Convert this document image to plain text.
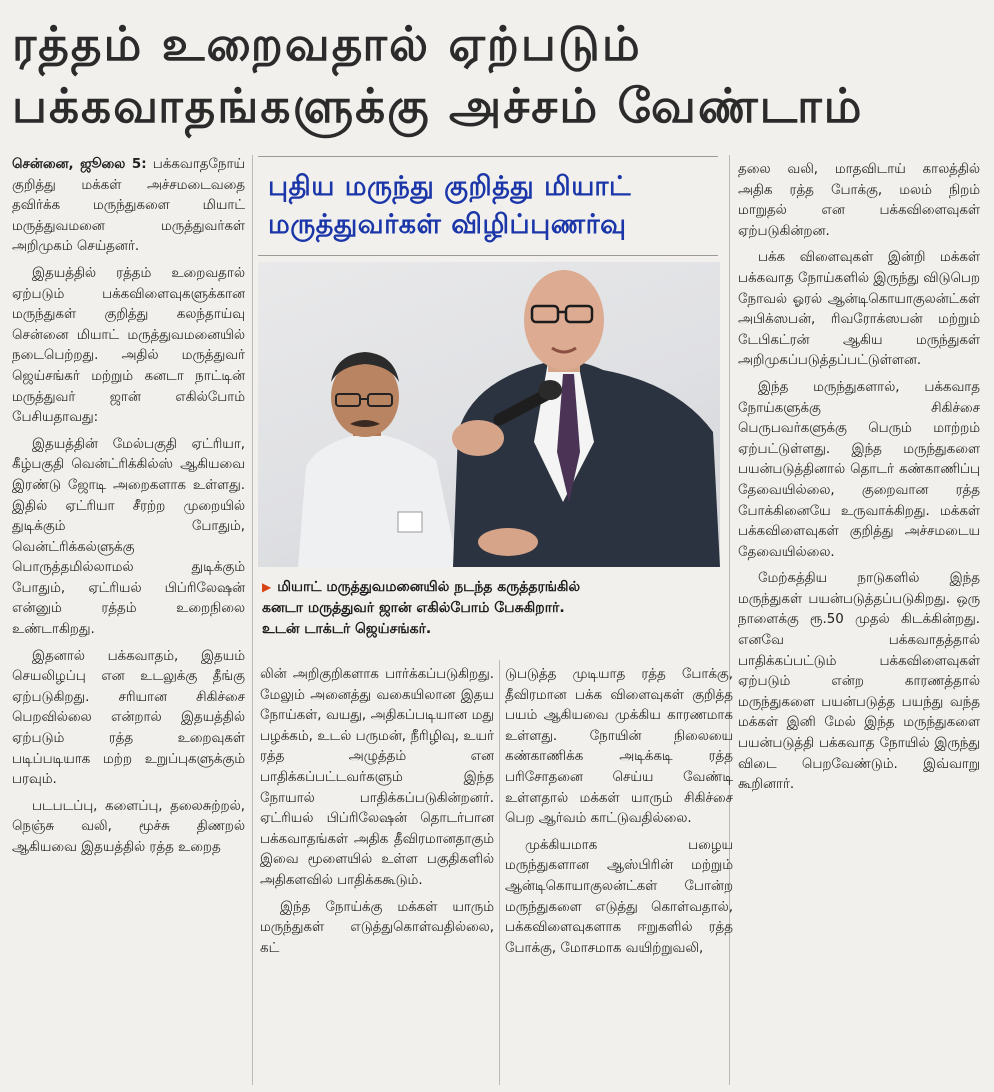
ரத்தம் உறைவதால் ஏற்படும்
பக்கவாதங்களுக்கு அச்சம் வேண்டாம்

சென்னை, ஜூலை 5: பக்கவாதநோய் குறித்து மக்கள் அச்சமடைவதை தவிர்க்க மருந்துகளை மியாட் மருத்துவமனை மருத்துவர்கள் அறிமுகம் செய்தனர்.

இதயத்தில் ரத்தம் உறைவதால் ஏற்படும் பக்கவிளைவுகளுக்கான மருந்துகள் குறித்து கலந்தாய்வு சென்னை மியாட் மருத்துவமனையில் நடைபெற்றது. அதில் மருத்துவர் ஜெய்சங்கர் மற்றும் கனடா நாட்டின் மருத்துவர் ஜான் எகில்போம் பேசியதாவது:

இதயத்தின் மேல்பகுதி ஏட்ரியா, கீழ்பகுதி வென்ட்ரிக்கில்ஸ் ஆகியவை இரண்டு ஜோடி அறைகளாக உள்ளது. இதில் ஏட்ரியா சீரற்ற முறையில் துடிக்கும் போதும், வென்ட்ரிக்கல்ளுக்கு பொருத்தமில்லாமல் துடிக்கும் போதும், ஏட்ரியல் பிப்ரிலேஷன் என்னும் ரத்தம் உறைநிலை உண்டாகிறது.

இதனால் பக்கவாதம், இதயம் செயலிழப்பு என உடலுக்கு தீங்கு ஏற்படுகிறது. சரியான சிகிச்சை பெறவில்லை என்றால் இதயத்தில் ஏற்படும் ரத்த உறைவுகள் படிப்படியாக மற்ற உறுப்புகளுக்கும் பரவும்.

படபடப்பு, களைப்பு, தலைசுற்றல், நெஞ்சு வலி, மூச்சு திணறல் ஆகியவை இதயத்தில் ரத்த உறைத

புதிய மருந்து குறித்து மியாட்
மருத்துவர்கள் விழிப்புணர்வு
▶ மியாட் மருத்துவமனையில் நடந்த கருத்தரங்கில்
கனடா மருத்துவர் ஜான் எகில்போம் பேசுகிறார்.
உடன் டாக்டர் ஜெய்சங்கர்.

லின் அறிகுறிகளாக பார்க்கப்படுகிறது. மேலும் அனைத்து வகையிலான இதய நோய்கள், வயது, அதிகப்படியான மது பழக்கம், உடல் பருமன், நீரிழிவு, உயர் ரத்த அழுத்தம் என பாதிக்கப்பட்டவர்களும் இந்த நோயால் பாதிக்கப்படுகின்றனர். ஏட்ரியல் பிப்ரிலேஷன் தொடர்பான பக்கவாதங்கள் அதிக தீவிரமானதாகும் இவை மூளையில் உள்ள பகுதிகளில் அதிகளவில் பாதிக்ககூடும்.

இந்த நோய்க்கு மக்கள் யாரும் மருந்துகள் எடுத்துகொள்வதில்லை, கட்

டுபடுத்த முடியாத ரத்த போக்கு, தீவிரமான பக்க விளைவுகள் குறித்த பயம் ஆகியவை முக்கிய காரணமாக உள்ளது. நோயின் நிலையை கண்காணிக்க அடிக்கடி ரத்த பரிசோதனை செய்ய வேண்டி உள்ளதால் மக்கள் யாரும் சிகிச்சை பெற ஆர்வம் காட்டுவதில்லை.

முக்கியமாக பழைய மருந்துகளான ஆஸ்பிரின் மற்றும் ஆன்டிகொயாகுலன்ட்கள் போன்ற மருந்துகளை எடுத்து கொள்வதால், பக்கவிளைவுகளாக ஈறுகளில் ரத்த போக்கு, மோசமாக வயிற்றுவலி,

தலை வலி, மாதவிடாய் காலத்தில் அதிக ரத்த போக்கு, மலம் நிறம் மாறுதல் என பக்கவிளைவுகள் ஏற்படுகின்றன.

பக்க விளைவுகள் இன்றி மக்கள் பக்கவாத நோய்களில் இருந்து விடுபெற நோவல் ஓரல் ஆன்டிகொயாகுலன்ட்கள் அபிக்ஸபன், ரிவரோக்ஸபன் மற்றும் டேபிகட்ரன் ஆகிய மருந்துகள் அறிமுகப்படுத்தப்பட்டுள்ளன.

இந்த மருந்துகளால், பக்கவாத நோய்களுக்கு சிகிச்சை பெருபவர்களுக்கு பெரும் மாற்றம் ஏற்பட்டுள்ளது. இந்த மருந்துகளை பயன்படுத்தினால் தொடர் கண்காணிப்பு தேவையில்லை, குறைவான ரத்த போக்கினையே உருவாக்கிறது. மக்கள் பக்கவிளைவுகள் குறித்து அச்சமடைய தேவையில்லை.

மேற்கத்திய நாடுகளில் இந்த மருந்துகள் பயன்படுத்தப்படுகிறது. ஒரு நாளைக்கு ரூ.50 முதல் கிடக்கின்றது. எனவே பக்கவாதத்தால் பாதிக்கப்பட்டும் பக்கவிளைவுகள் ஏற்படும் என்ற காரணத்தால் மருந்துகளை பயன்படுத்த பயந்து வந்த மக்கள் இனி மேல் இந்த மருந்துகளை பயன்படுத்தி பக்கவாத நோயில் இருந்து விடை பெறவேண்டும். இவ்வாறு கூறினார்.
